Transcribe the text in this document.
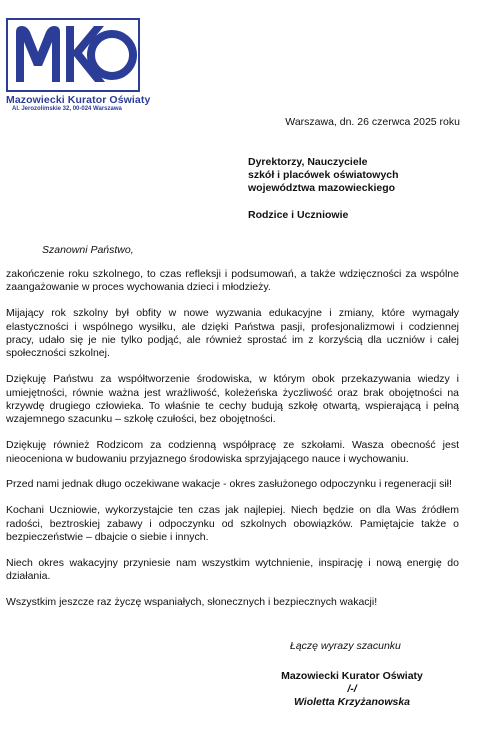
Mazowiecki Kurator Oświaty
Al. Jerozolimskie 32, 00-024 Warszawa
Warszawa, dn. 26 czerwca 2025 roku
Dyrektorzy, Nauczyciele
szkół i placówek oświatowych
województwa mazowieckiego
Rodzice i Uczniowie
Szanowni Państwo,

zakończenie roku szkolnego, to czas refleksji i podsumowań, a także wdzięczności za wspólne zaangażowanie w proces wychowania dzieci i młodzieży.

Mijający rok szkolny był obfity w nowe wyzwania edukacyjne i zmiany, które wymagały elastyczności i wspólnego wysiłku, ale dzięki Państwa pasji, profesjonalizmowi i codziennej pracy, udało się je nie tylko podjąć, ale również sprostać im z korzyścią dla uczniów i całej społeczności szkolnej.

Dziękuję Państwu za współtworzenie środowiska, w którym obok przekazywania wiedzy i umiejętności, równie ważna jest wrażliwość, koleżeńska życzliwość oraz brak obojętności na krzywdę drugiego człowieka. To właśnie te cechy budują szkołę otwartą, wspierającą i pełną wzajemnego szacunku – szkołę czułości, bez obojętności.

Dziękuję również Rodzicom za codzienną współpracę ze szkołami. Wasza obecność jest nieoceniona w budowaniu przyjaznego środowiska sprzyjającego nauce i wychowaniu.

Przed nami jednak długo oczekiwane wakacje - okres zasłużonego odpoczynku i regeneracji sił!

Kochani Uczniowie, wykorzystajcie ten czas jak najlepiej. Niech będzie on dla Was źródłem radości, beztroskiej zabawy i odpoczynku od szkolnych obowiązków. Pamiętajcie także o bezpieczeństwie – dbajcie o siebie i innych.

Niech okres wakacyjny przyniesie nam wszystkim wytchnienie, inspirację i nową energię do działania.

Wszystkim jeszcze raz życzę wspaniałych, słonecznych i bezpiecznych wakacji!

Łączę wyrazy szacunku
Mazowiecki Kurator Oświaty
/-/
Wioletta Krzyżanowska
